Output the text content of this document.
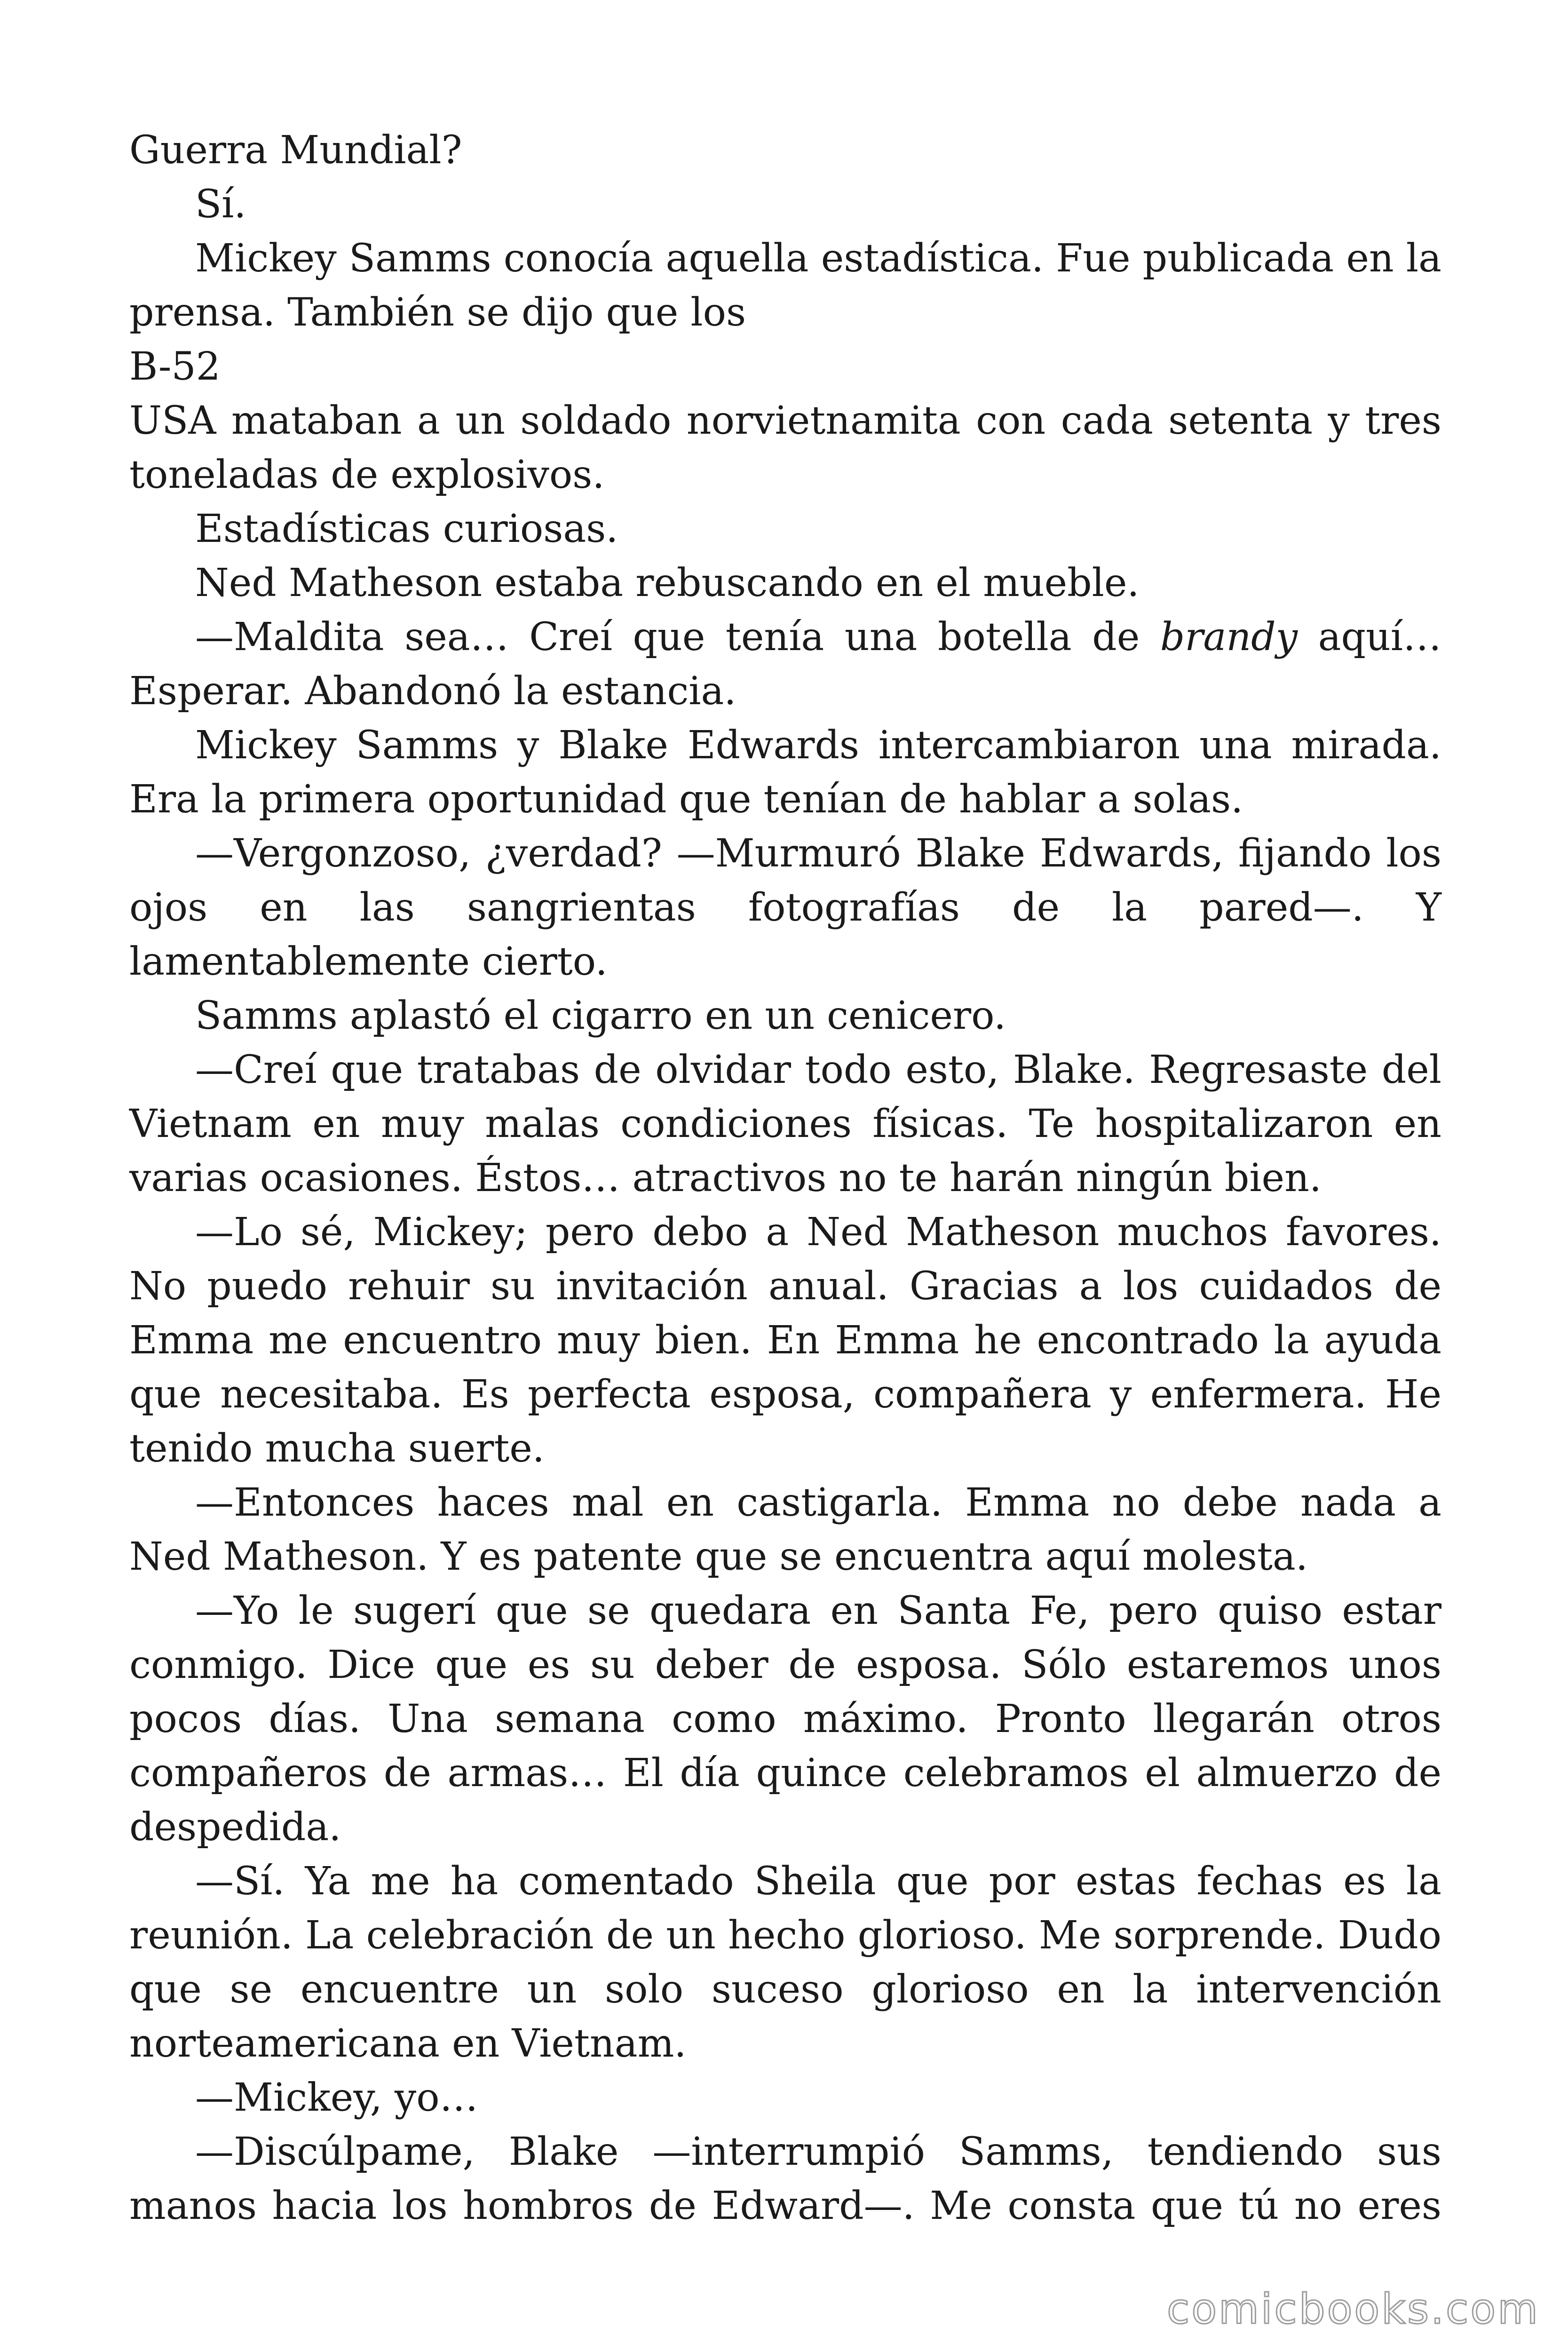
Guerra Mundial?

Sí.

Mickey Samms conocía aquella estadística. Fue publicada en la prensa. También se dijo que los

B-52

USA mataban a un soldado norvietnamita con cada setenta y tres toneladas de explosivos.

Estadísticas curiosas.

Ned Matheson estaba rebuscando en el mueble.

—Maldita sea… Creí que tenía una botella de brandy aquí… Esperar. Abandonó la estancia.

Mickey Samms y Blake Edwards intercambiaron una mirada. Era la primera oportunidad que tenían de hablar a solas.

—Vergonzoso, ¿verdad? —Murmuró Blake Edwards, fijando los ojos en las sangrientas fotografías de la pared—. Y lamentablemente cierto.

Samms aplastó el cigarro en un cenicero.

—Creí que tratabas de olvidar todo esto, Blake. Regresaste del Vietnam en muy malas condiciones físicas. Te hospitalizaron en varias ocasiones. Éstos… atractivos no te harán ningún bien.

—Lo sé, Mickey; pero debo a Ned Matheson muchos favores. No puedo rehuir su invitación anual. Gracias a los cuidados de Emma me encuentro muy bien. En Emma he encontrado la ayuda que necesitaba. Es perfecta esposa, compañera y enfermera. He tenido mucha suerte.

—Entonces haces mal en castigarla. Emma no debe nada a Ned Matheson. Y es patente que se encuentra aquí molesta.

—Yo le sugerí que se quedara en Santa Fe, pero quiso estar conmigo. Dice que es su deber de esposa. Sólo estaremos unos pocos días. Una semana como máximo. Pronto llegarán otros compañeros de armas… El día quince celebramos el almuerzo de despedida.

—Sí. Ya me ha comentado Sheila que por estas fechas es la reunión. La celebración de un hecho glorioso. Me sorprende. Dudo que se encuentre un solo suceso glorioso en la intervención norteamericana en Vietnam.

—Mickey, yo…

—Discúlpame, Blake —interrumpió Samms, tendiendo sus manos hacia los hombros de Edward—. Me consta que tú no eres

comicbooks.com
